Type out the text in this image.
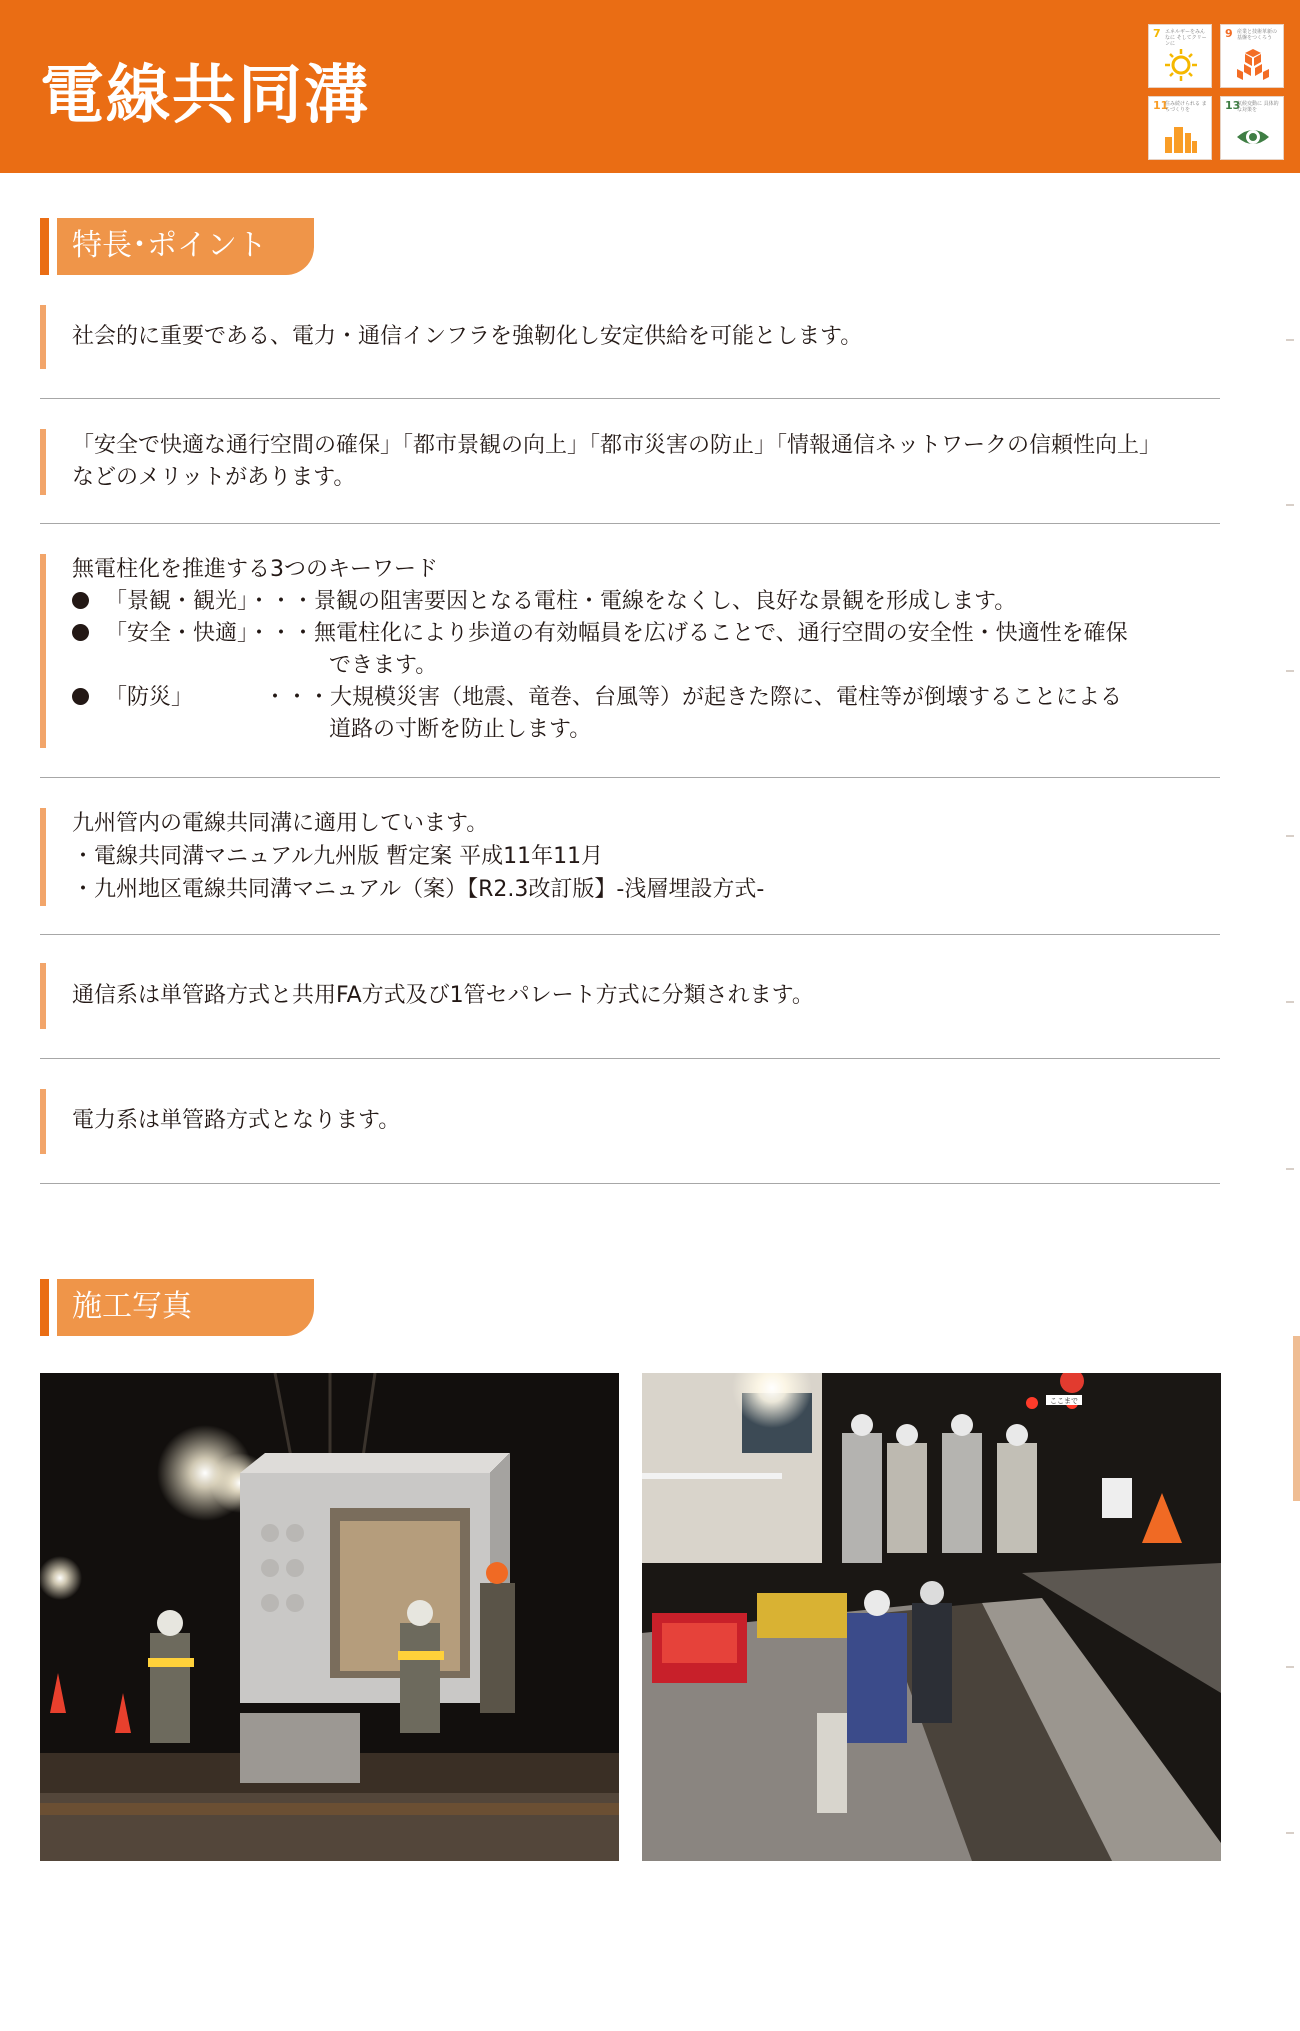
電線共同溝
7 エネルギーをみんなに そしてクリーンに
9 産業と技術革新の 基盤をつくろう
11
住み続けられる まちづくりを	13
気候変動に 具体的な対策を
特長･ポイント
社会的に重要である、電力・通信インフラを強靭化し安定供給を可能とします。
「安全で快適な通行空間の確保」「都市景観の向上」「都市災害の防止」「情報通信ネットワークの信頼性向上」
などのメリットがあります。
無電柱化を推進する3つのキーワード
「景観・観光」・・・景観の阻害要因となる電柱・電線をなくし、良好な景観を形成します。
「安全・快適」・・・無電柱化により歩道の有効幅員を広げることで、通行空間の安全性・快適性を確保
できます。
「防災」	・・・大規模災害（地震、竜巻、台風等）が起きた際に、電柱等が倒壊することによる
道路の寸断を防止します。
九州管内の電線共同溝に適用しています。
・電線共同溝マニュアル九州版 暫定案 平成11年11月
・九州地区電線共同溝マニュアル（案）【R2.3改訂版】-浅層埋設方式-
通信系は単管路方式と共用FA方式及び1管セパレート方式に分類されます。
電力系は単管路方式となります。
施工写真
ここまで
